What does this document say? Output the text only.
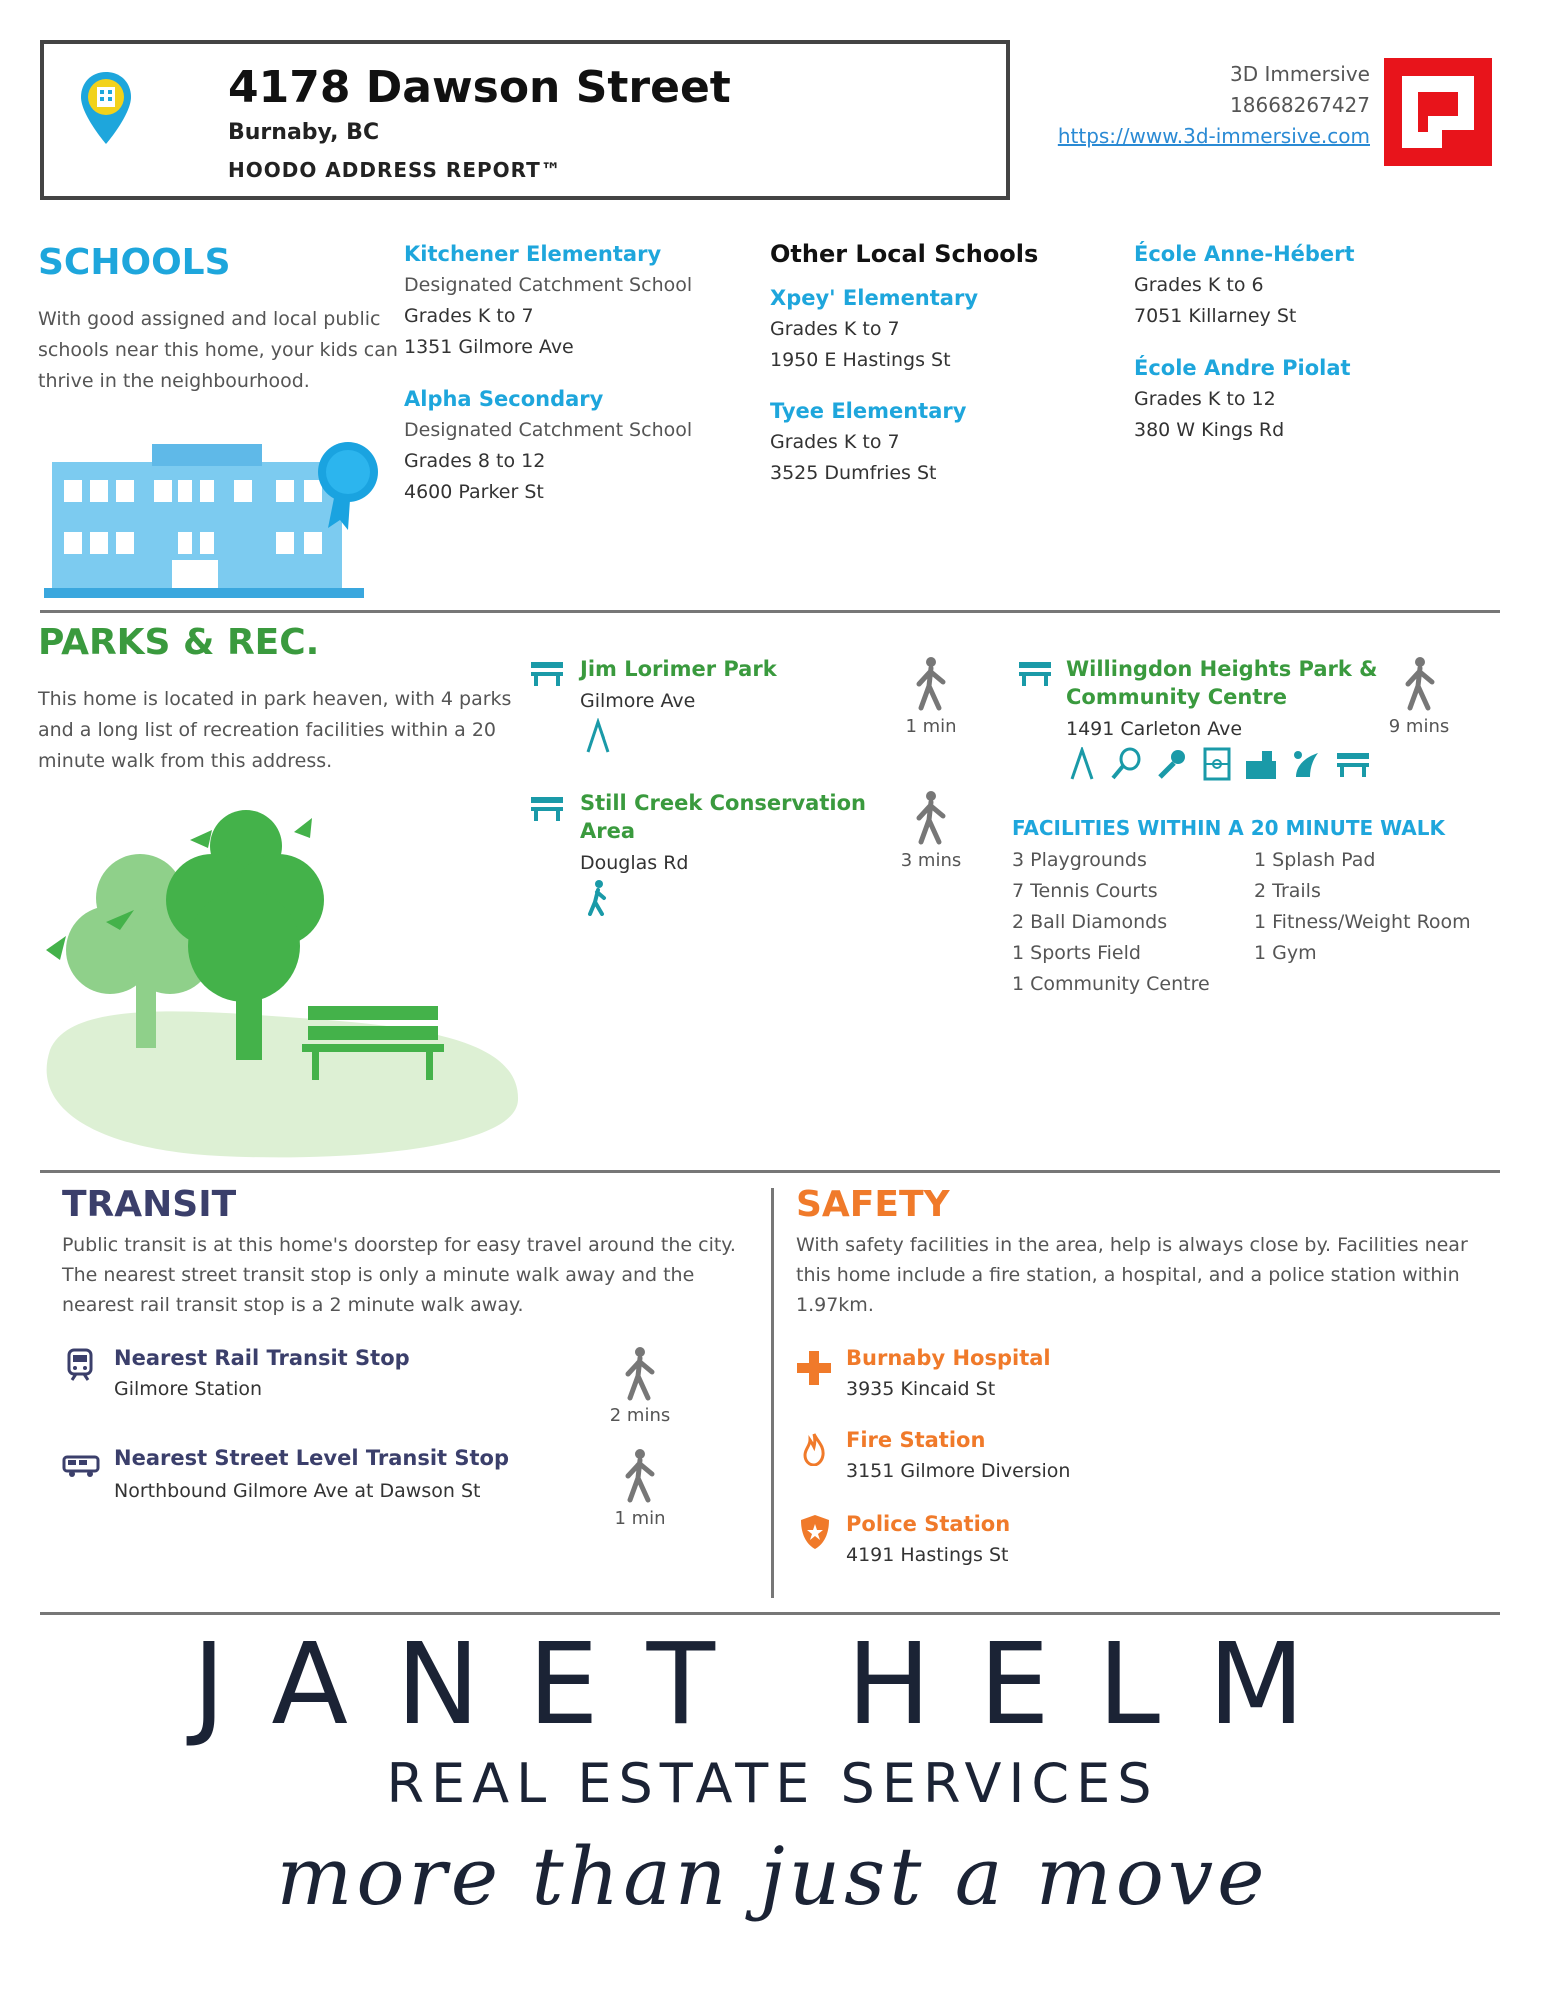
4178 Dawson Street
Burnaby, BC
HOODO ADDRESS REPORT™
3D Immersive
18668267427
https://www.3d-immersive.com
SCHOOLS
With good assigned and local public schools near this home, your kids can thrive in the neighbourhood.
Kitchener Elementary
Designated Catchment School
Grades K to 7
1351 Gilmore Ave
Alpha Secondary
Designated Catchment School
Grades 8 to 12
4600 Parker St
Other Local Schools
Xpey' Elementary
Grades K to 7
1950 E Hastings St
Tyee Elementary
Grades K to 7
3525 Dumfries St
École Anne-Hébert
Grades K to 6
7051 Killarney St
École Andre Piolat
Grades K to 12
380 W Kings Rd
PARKS & REC.
This home is located in park heaven, with 4 parks and a long list of recreation facilities within a 20 minute walk from this address.
Jim Lorimer Park
Gilmore Ave
1 min
Still Creek Conservation
Area
Douglas Rd	3 mins
Willingdon Heights Park &
Community Centre
1491 Carleton Ave	9 mins
FACILITIES WITHIN A 20 MINUTE WALK
3 Playgrounds
7 Tennis Courts
2 Ball Diamonds
1 Sports Field
1 Community Centre
1 Splash Pad
2 Trails
1 Fitness/Weight Room
1 Gym
TRANSIT
Public transit is at this home's doorstep for easy travel around the city. The nearest street transit stop is only a minute walk away and the nearest rail transit stop is a 2 minute walk away.
Nearest Rail Transit Stop
Gilmore Station
2 mins
Nearest Street Level Transit Stop
Northbound Gilmore Ave at Dawson St
1 min
SAFETY
With safety facilities in the area, help is always close by. Facilities near this home include a fire station, a hospital, and a police station within 1.97km.
Burnaby Hospital
3935 Kincaid St
Fire Station
3151 Gilmore Diversion
Police Station
4191 Hastings St
JANET HELM
REAL ESTATE SERVICES
more than just a move
